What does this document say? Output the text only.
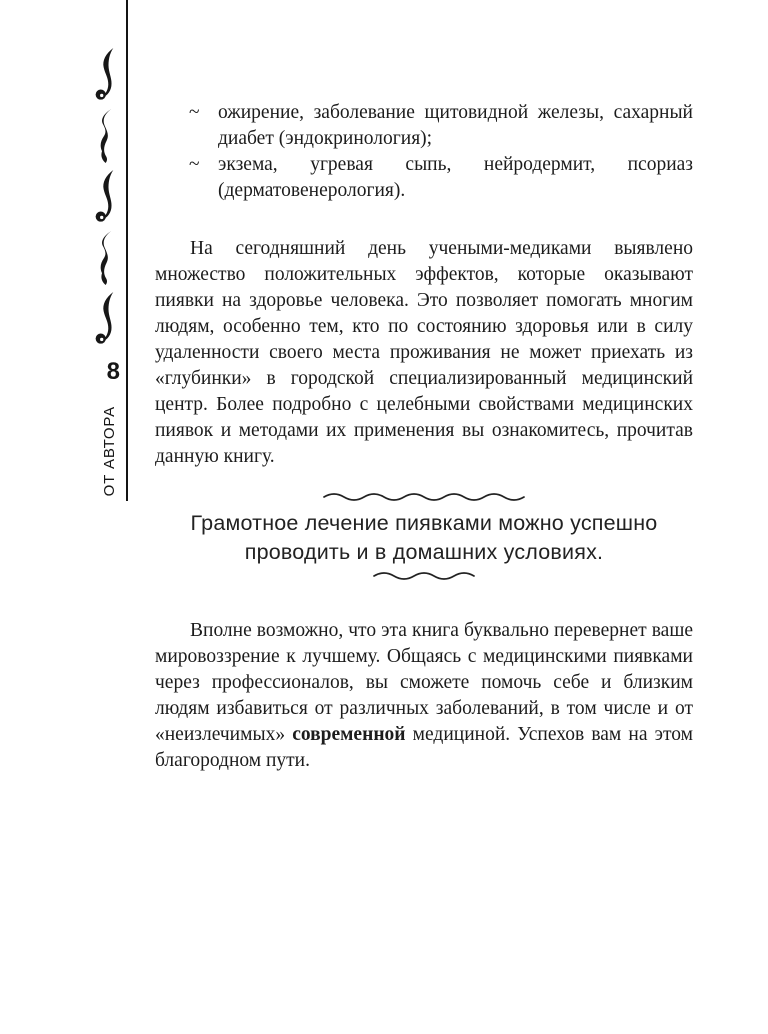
8
ОТ АВТОРА
~ ожирение, заболевание щитовидной железы, сахарный диабет (эндокринология);
~ экзема, угревая сыпь, нейродермит, псориаз (дерматовенерология).

На сегодняшний день учеными-медиками выявлено множество положительных эффектов, которые оказывают пиявки на здоровье человека. Это позволяет помогать многим людям, особенно тем, кто по состоянию здоровья или в силу удаленности своего места проживания не может приехать из «глубинки» в городской специализированный медицинский центр. Более подробно с целебными свойствами медицинских пиявок и методами их применения вы ознакомитесь, прочитав данную книгу.

Грамотное лечение пиявками можно успешно проводить и в домашних условиях.

Вполне возможно, что эта книга буквально перевернет ваше мировоззрение к лучшему. Общаясь с медицинскими пиявками через профессионалов, вы сможете помочь себе и близким людям избавиться от различных заболеваний, в том числе и от «неизлечимых» современной медициной. Успехов вам на этом благородном пути.
